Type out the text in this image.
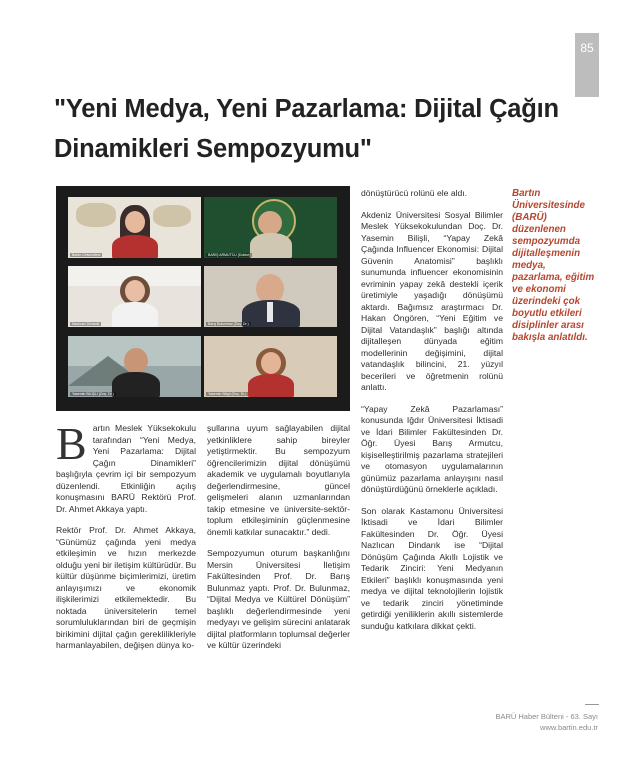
85
"Yeni Medya, Yeni Pazarlama: Dijital Çağın Dinamikleri Sempozyumu"
Bartın Üniversitesi	BARIŞ ARMUTCU (Doktor)
Nazlıcan Dindarik	Barış Bulunmaz (Doç. Dr.)
Yasemin BİLİŞLİ (Doç. Dr.)	Yasemin Biligli (Doç. Dr.)

B artın Meslek Yüksekokulu tarafından “Yeni Medya, Yeni Pazarlama: Dijital Çağın Dinamikleri” başlığıyla çevrim içi bir sempozyum düzenlendi. Etkinliğin açılış konuşmasını BARÜ Rektörü Prof. Dr. Ahmet Akkaya yaptı.

Rektör Prof. Dr. Ahmet Akkaya, “Günümüz çağında yeni medya etkileşimin ve hızın merkezde olduğu yeni bir iletişim kültürüdür. Bu kültür düşünme biçimlerimizi, üretim anlayışımızı ve ekonomik ilişkilerimizi etkilemektedir. Bu noktada üniversitelerin temel sorumluluklarından biri de geçmişin birikimini dijital çağın gereklilikleriyle harmanlayabilen, değişen dünya ko-

şullarına uyum sağlayabilen dijital yetkinliklere sahip bireyler yetiştirmektir. Bu sempozyum öğrencilerimizin dijital dönüşümü akademik ve uygulamalı boyutlarıyla değerlendirmesine, güncel gelişmeleri alanın uzmanlarından takip etmesine ve üniversite-sektör-toplum etkileşiminin güçlenmesine önemli katkılar sunacaktır.” dedi.

Sempozyumun oturum başkanlığını Mersin Üniversitesi İletişim Fakültesinden Prof. Dr. Barış Bulunmaz yaptı. Prof. Dr. Bulunmaz, “Dijital Medya ve Kültürel Dönüşüm” başlıklı değerlendirmesinde yeni medyayı ve gelişim sürecini anlatarak dijital platformların toplumsal değerler ve kültür üzerindeki

dönüştürücü rolünü ele aldı.

Akdeniz Üniversitesi Sosyal Bilimler Meslek Yüksekokulundan Doç. Dr. Yasemin Bilişli, “Yapay Zekâ Çağında Influencer Ekonomisi: Dijital Güvenin Anatomisi” başlıklı sunumunda influencer ekonomisinin evriminin yapay zekâ destekli içerik üretimiyle yaşadığı dönüşümü aktardı. Bağımsız araştırmacı Dr. Hakan Öngören, “Yeni Eğitim ve Dijital Vatandaşlık” başlığı altında dijitalleşen dünyada eğitim modellerinin değişimini, dijital vatandaşlık bilincini, 21. yüzyıl becerileri ve öğretmenin rolünü anlattı.

“Yapay Zekâ Pazarlaması” konusunda Iğdır Üniversitesi İktisadi ve İdari Bilimler Fakültesinden Dr. Öğr. Üyesi Barış Armutcu, kişiselleştirilmiş pazarlama stratejileri ve otomasyon uygulamalarının günümüz pazarlama anlayışını nasıl dönüştürdüğünü örneklerle açıkladı.

Son olarak Kastamonu Üniversitesi İktisadi ve İdari Bilimler Fakültesinden Dr. Öğr. Üyesi Nazlıcan Dindarık ise “Dijital Dönüşüm Çağında Akıllı Lojistik ve Tedarik Zinciri: Yeni Medyanın Etkileri” başlıklı konuşmasında yeni medya ve dijital teknolojilerin lojistik ve tedarik zinciri yönetiminde getirdiği yeniliklerin akıllı sistemlerde sunduğu katkılara dikkat çekti.

Bartın Üniversitesinde (BARÜ) düzenlenen sempozyumda dijitalleşmenin medya, pazarlama, eğitim ve ekonomi üzerindeki çok boyutlu etkileri disiplinler arası bakışla anlatıldı.
BARÜ Haber Bülteni - 63. Sayı
www.bartin.edu.tr
